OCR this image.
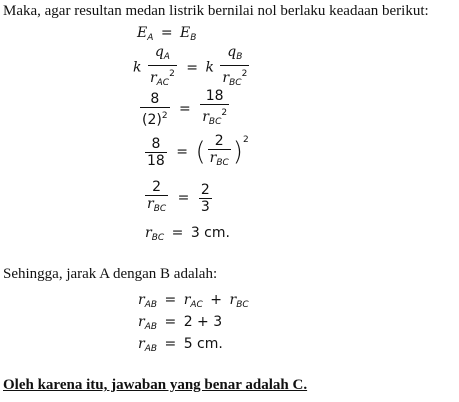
Maka, agar resultan medan listrik bernilai nol berlaku keadaan berikut:
$E_A = E_B$
k $\frac{q_A}{r_{AC}^2} = k \frac{q_B}{r_{BC}^2}$
$\frac{8}{(2)^2} = \frac{18}{r_{BC}^2}$
$\frac{8}{18}$ = ( $\frac{2}{r_{BC}} )^2$
$\frac{2}{r_{BC}} = \frac{2}{3}$
$r_{BC} = 3$ cm.
Sehingga, jarak A dengan B adalah:
$r_{AB} = r_{AC} + r_{BC}$
$r_{AB} = 2 + 3$
$r_{AB} = 5$ cm.
Oleh karena itu, jawaban yang benar adalah C.
